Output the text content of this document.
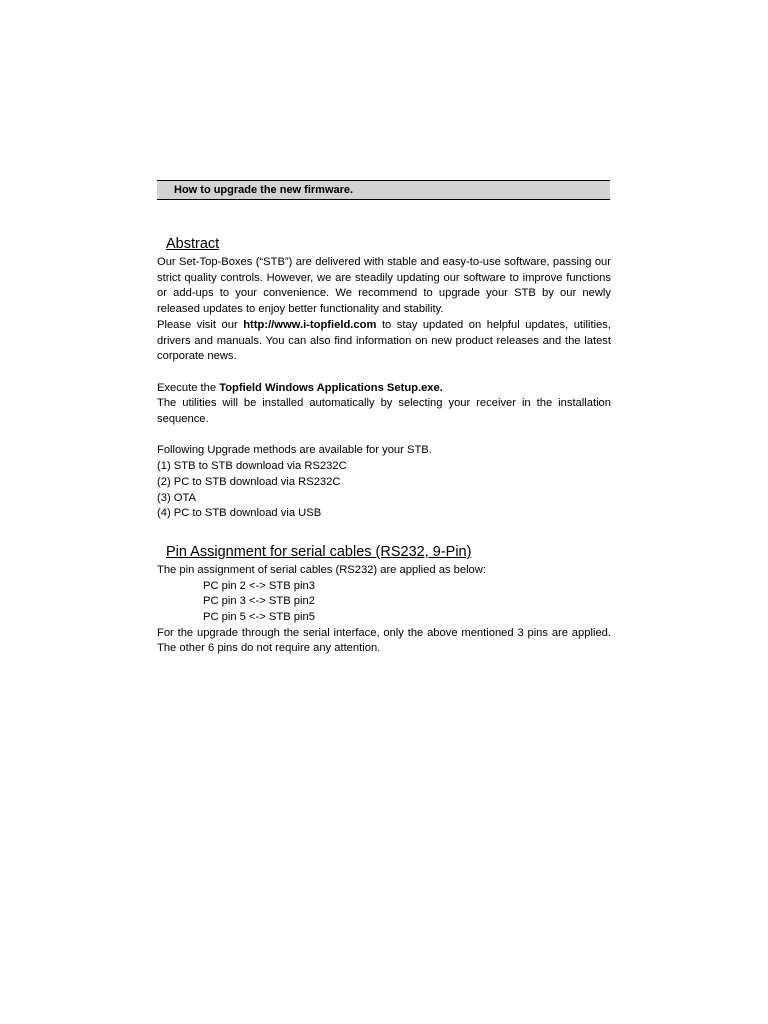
How to upgrade the new firmware.
Abstract

Our Set-Top-Boxes (“STB”) are delivered with stable and easy-to-use software, passing our strict quality controls. However, we are steadily updating our software to improve functions or add-ups to your convenience. We recommend to upgrade your STB by our newly released updates to enjoy better functionality and stability.

Please visit our http://www.i-topfield.com to stay updated on helpful updates, utilities, drivers and manuals. You can also find information on new product releases and the latest corporate news.

Execute the Topfield Windows Applications Setup.exe.

The utilities will be installed automatically by selecting your receiver in the installation sequence.

Following Upgrade methods are available for your STB.

(1) STB to STB download via RS232C

(2) PC to STB download via RS232C

(3) OTA

(4) PC to STB download via USB

Pin Assignment for serial cables (RS232, 9-Pin)

The pin assignment of serial cables (RS232) are applied as below:

PC pin 2 <-> STB pin3

PC pin 3 <-> STB pin2

PC pin 5 <-> STB pin5

For the upgrade through the serial interface, only the above mentioned 3 pins are applied. The other 6 pins do not require any attention.
